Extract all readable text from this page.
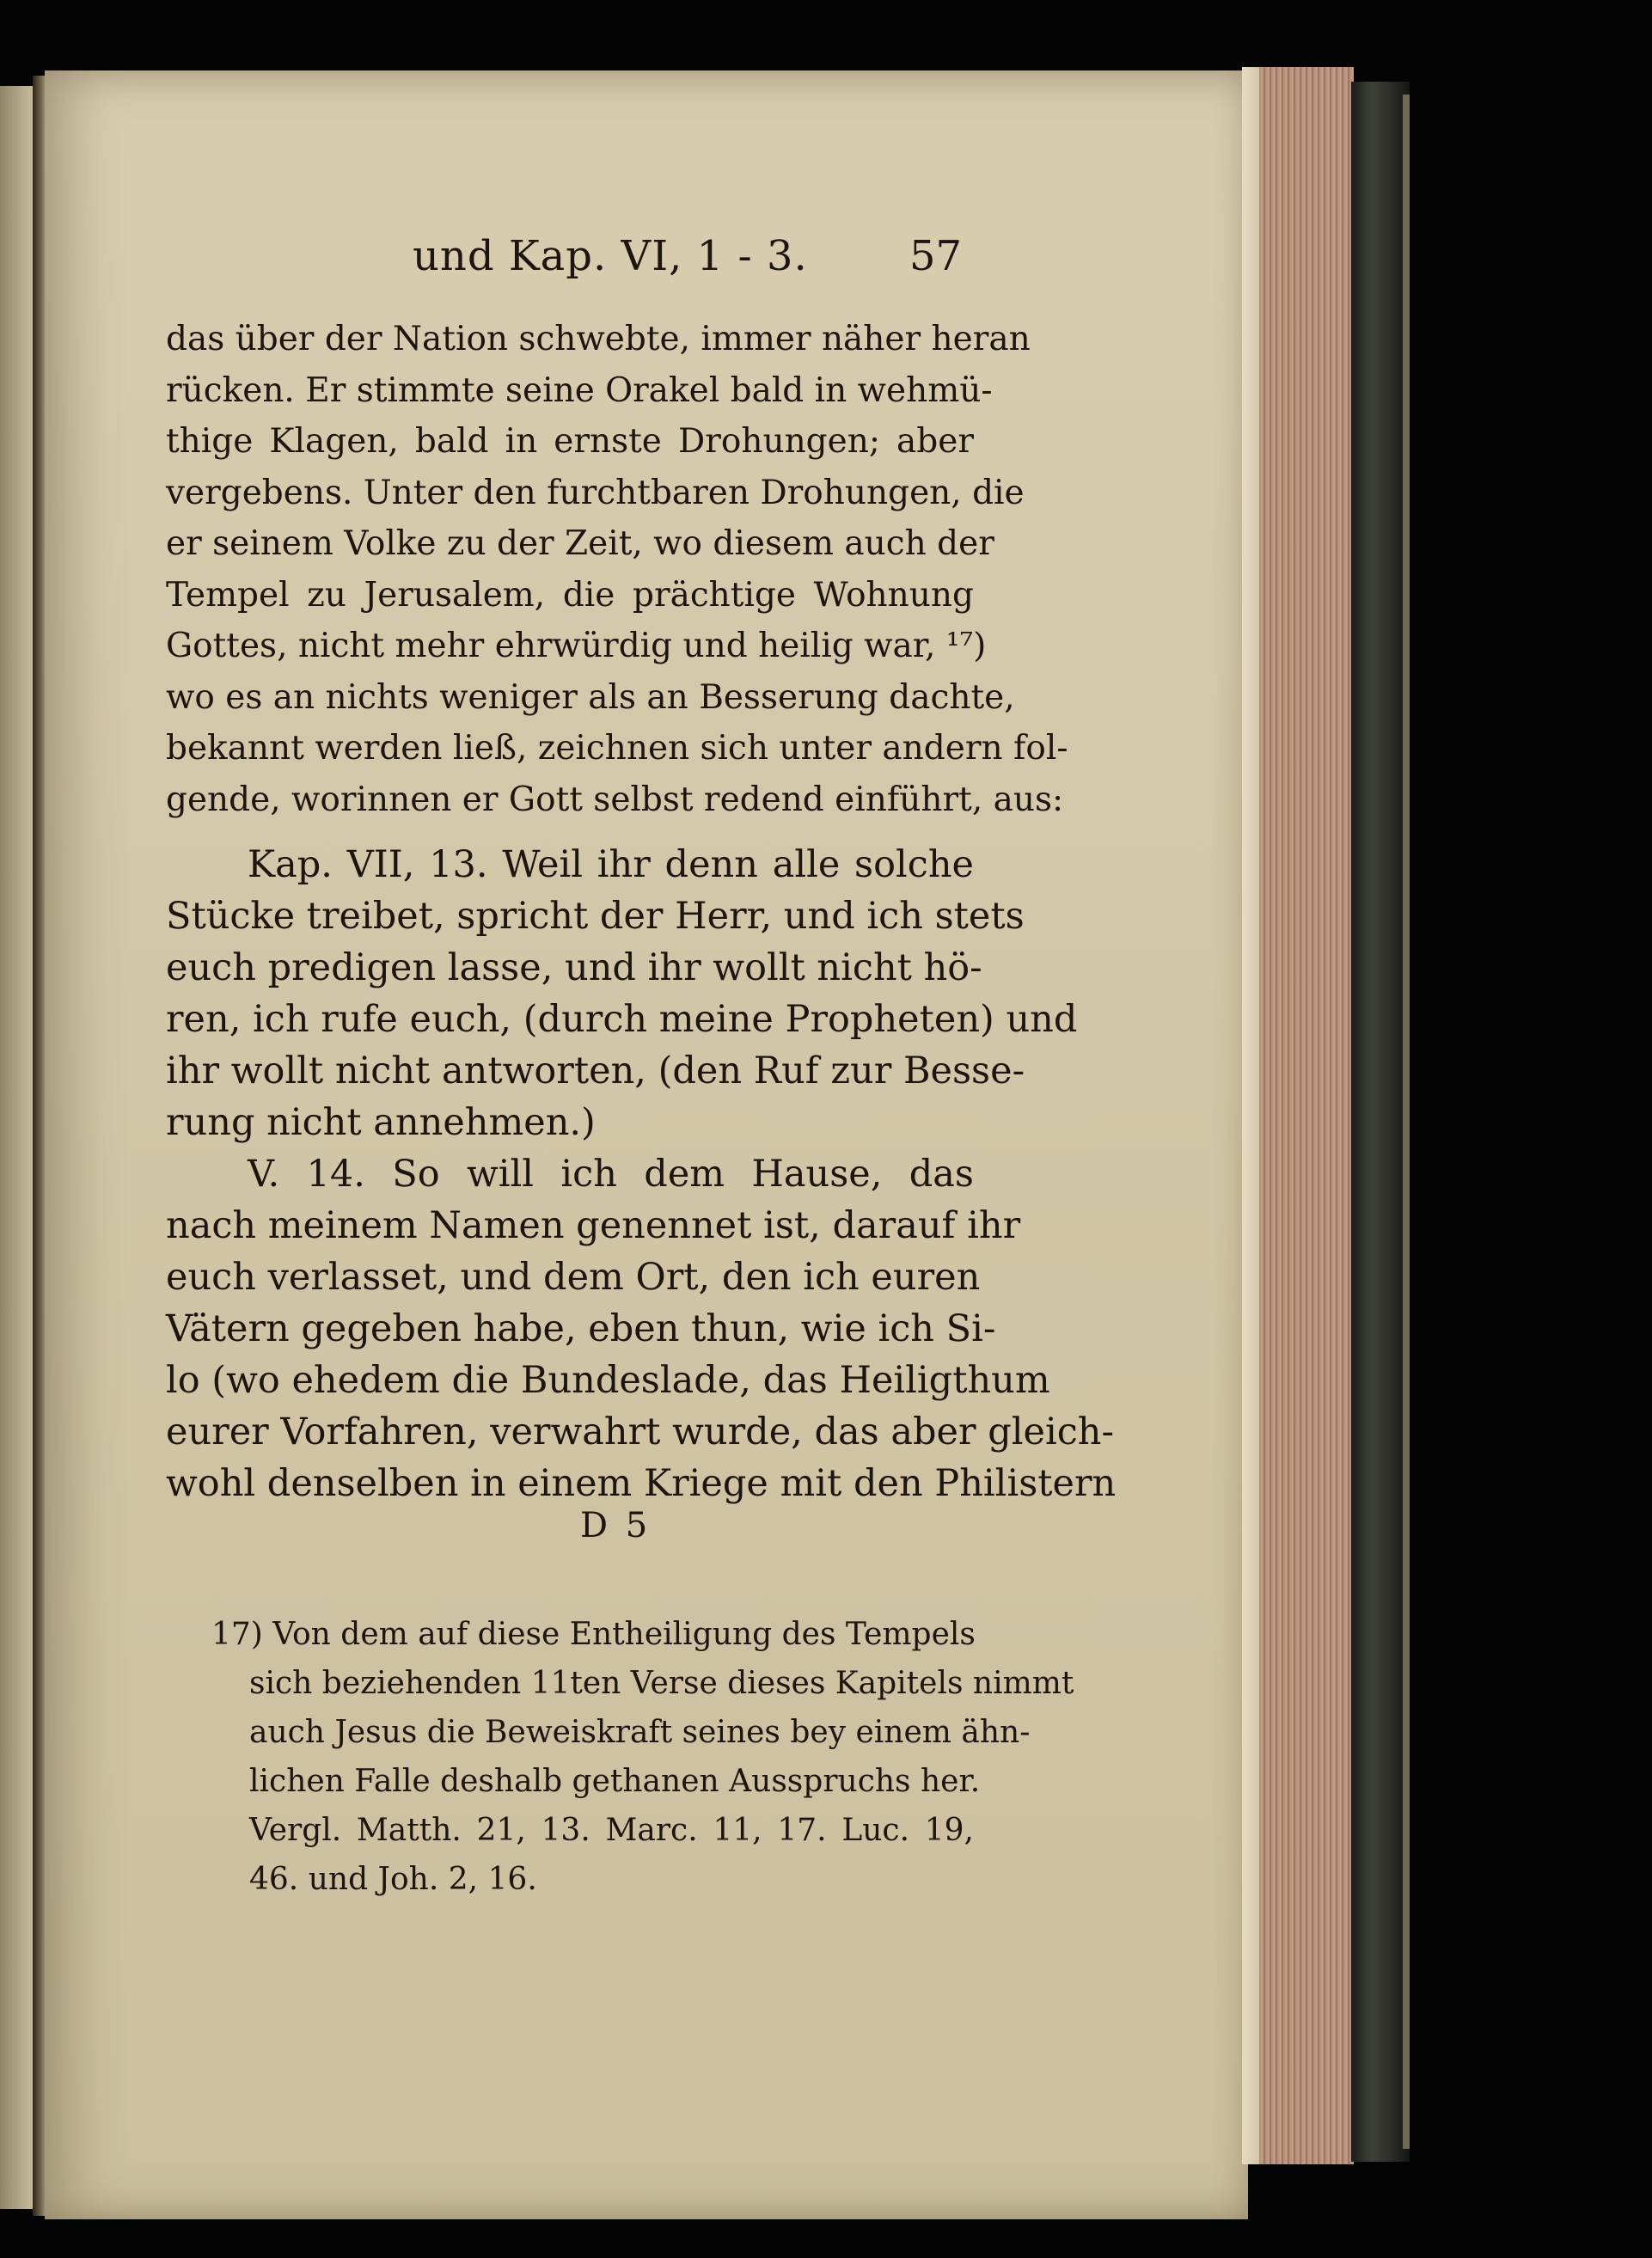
und Kap. VI, 1 - 3. 57
das über der Nation schwebte, immer näher heran
rücken. Er stimmte seine Orakel bald in wehmü-
thige Klagen, bald in ernste Drohungen; aber
vergebens. Unter den furchtbaren Drohungen, die
er seinem Volke zu der Zeit, wo diesem auch der
Tempel zu Jerusalem, die prächtige Wohnung
Gottes, nicht mehr ehrwürdig und heilig war, ¹⁷)
wo es an nichts weniger als an Besserung dachte,
bekannt werden ließ, zeichnen sich unter andern fol-
gende, worinnen er Gott selbst redend einführt, aus:
Kap. VII, 13. Weil ihr denn alle solche
Stücke treibet, spricht der Herr, und ich stets
euch predigen lasse, und ihr wollt nicht hö-
ren, ich rufe euch, (durch meine Propheten) und
ihr wollt nicht antworten, (den Ruf zur Besse-
rung nicht annehmen.)
V. 14. So will ich dem Hause, das
nach meinem Namen genennet ist, darauf ihr
euch verlasset, und dem Ort, den ich euren
Vätern gegeben habe, eben thun, wie ich Si-
lo (wo ehedem die Bundeslade, das Heiligthum
eurer Vorfahren, verwahrt wurde, das aber gleich-
wohl denselben in einem Kriege mit den Philistern
D 5
17) Von dem auf diese Entheiligung des Tempels
sich beziehenden 11ten Verse dieses Kapitels nimmt
auch Jesus die Beweiskraft seines bey einem ähn-
lichen Falle deshalb gethanen Ausspruchs her.
Vergl. Matth. 21, 13. Marc. 11, 17. Luc. 19,
46. und Joh. 2, 16.
